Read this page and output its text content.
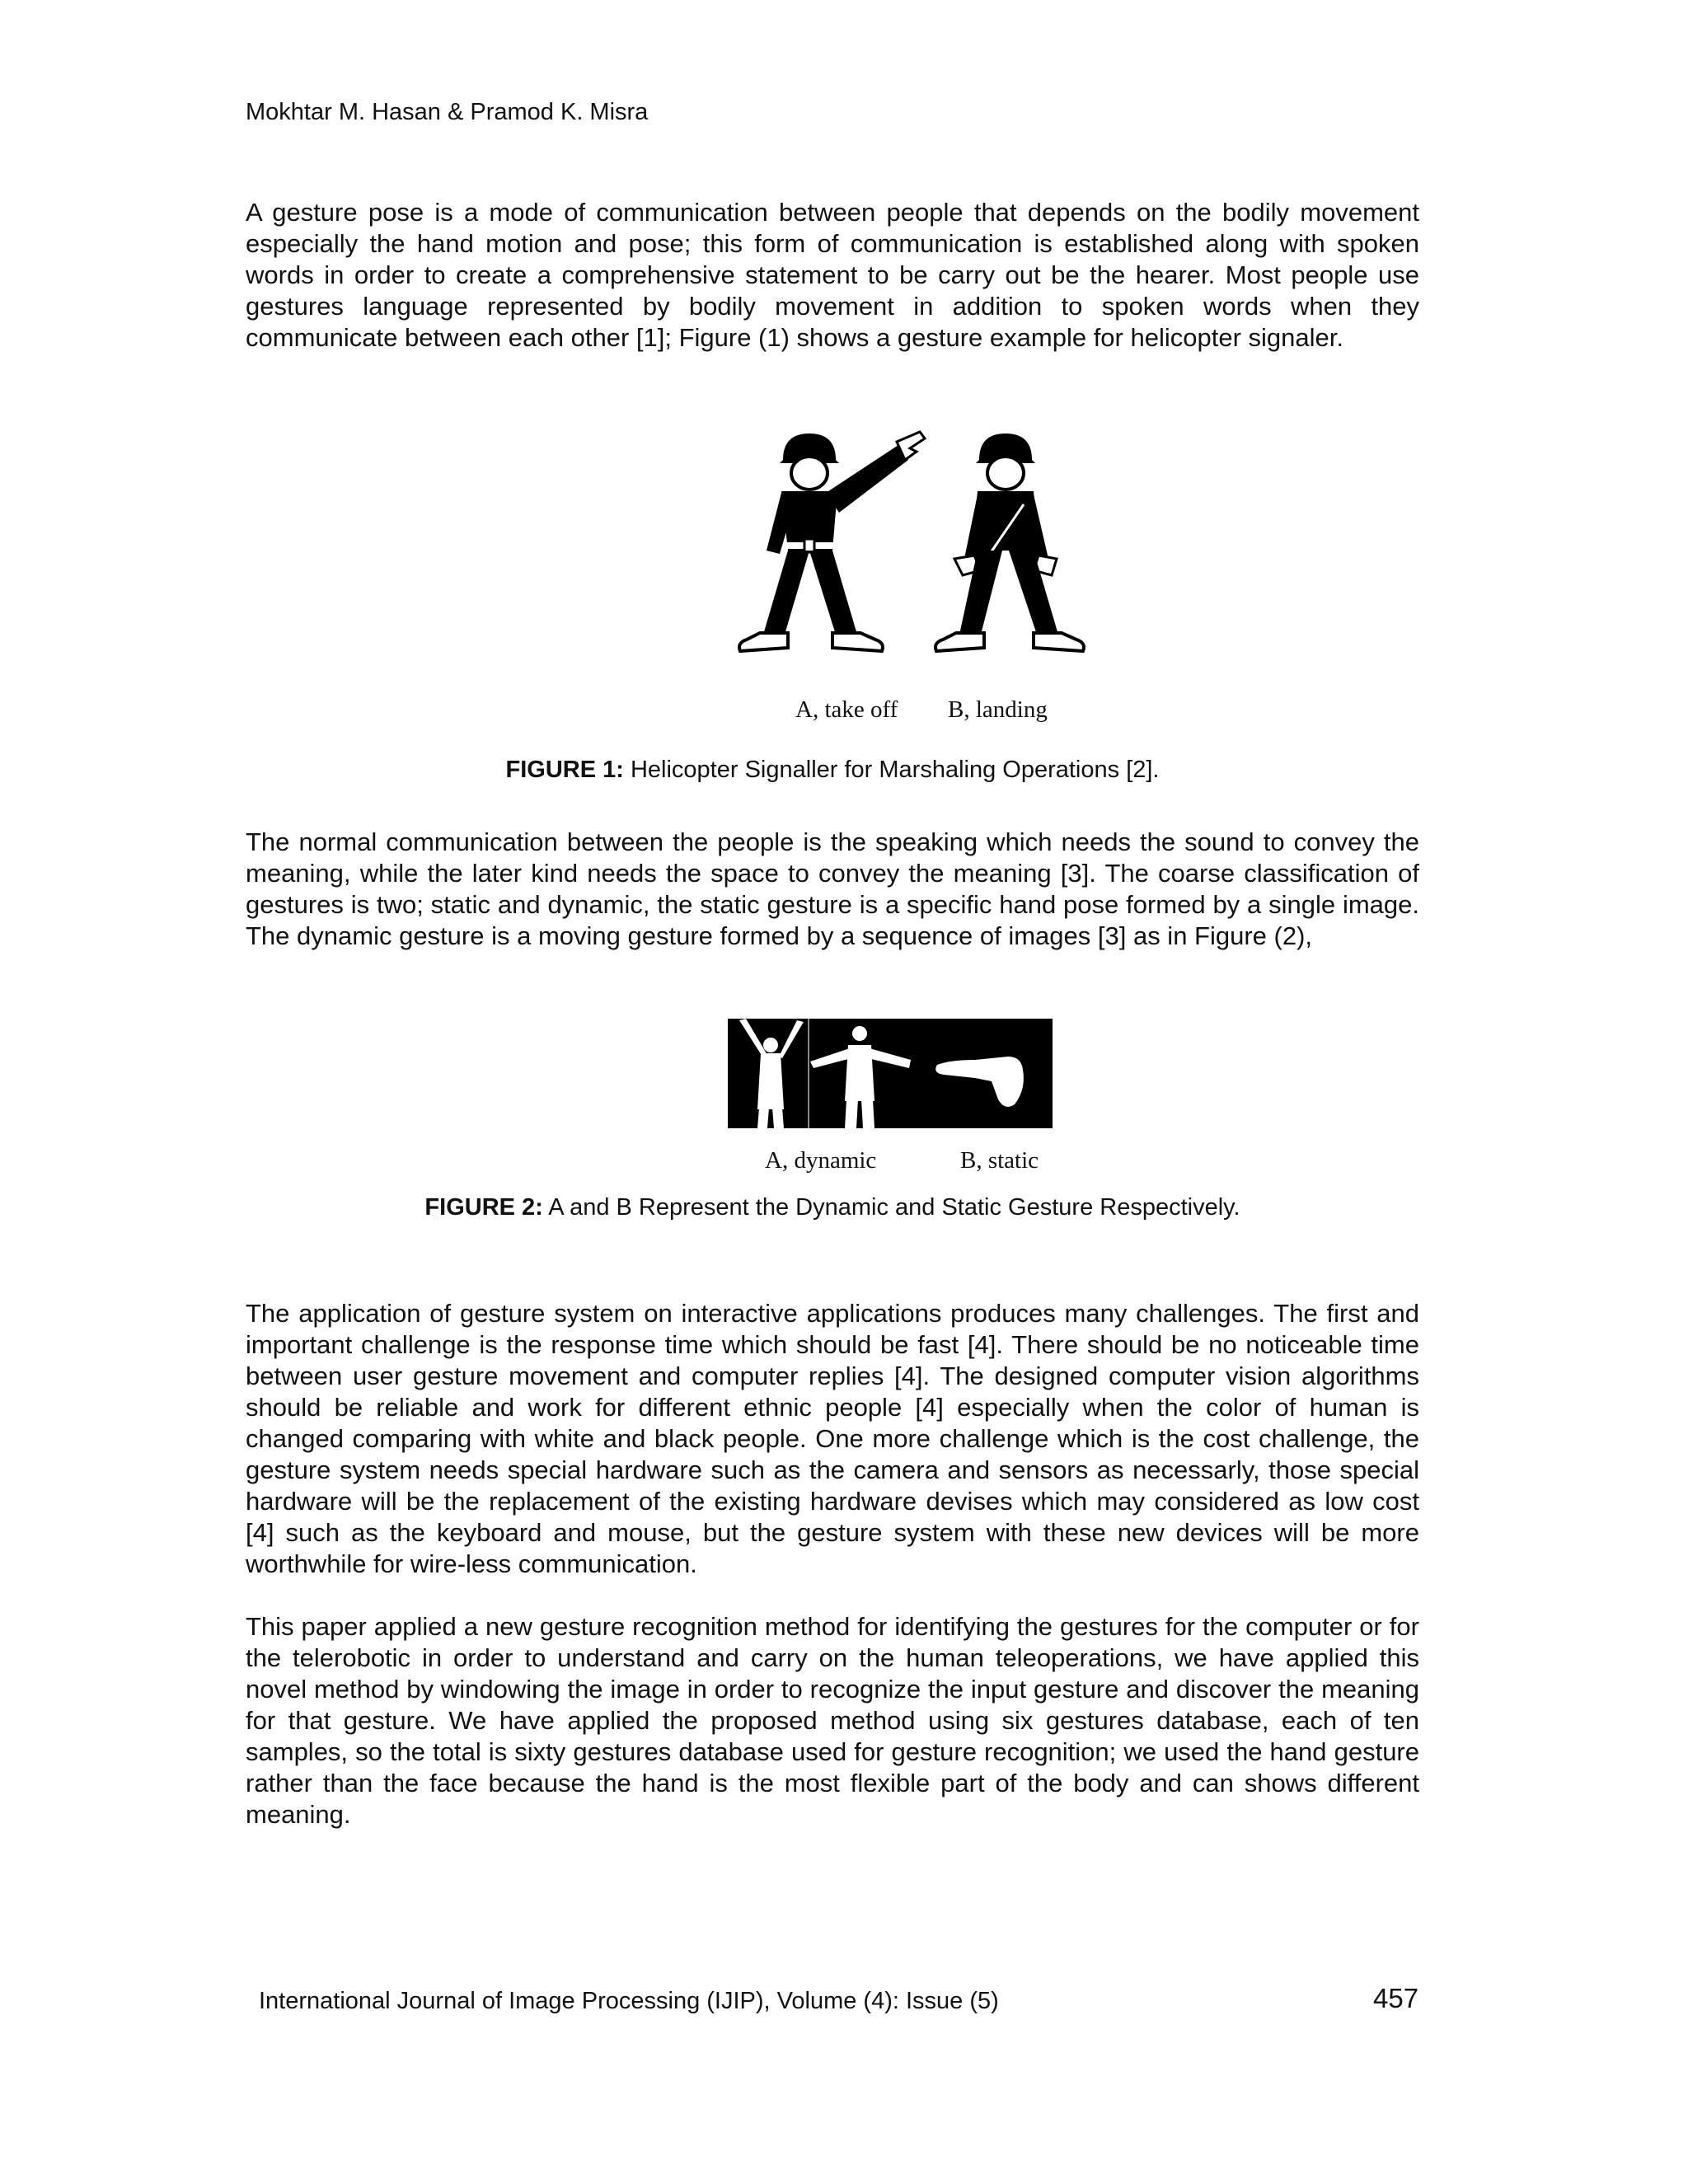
Mokhtar M. Hasan & Pramod K. Misra

A gesture pose is a mode of communication between people that depends on the bodily movement especially the hand motion and pose; this form of communication is established along with spoken words in order to create a comprehensive statement to be carry out be the hearer. Most people use gestures language represented by bodily movement in addition to spoken words when they communicate between each other [1]; Figure (1) shows a gesture example for helicopter signaler.

A, take off B, landing
FIGURE 1: Helicopter Signaller for Marshaling Operations [2].

The normal communication between the people is the speaking which needs the sound to convey the meaning, while the later kind needs the space to convey the meaning [3]. The coarse classification of gestures is two; static and dynamic, the static gesture is a specific hand pose formed by a single image. The dynamic gesture is a moving gesture formed by a sequence of images [3] as in Figure (2),

A, dynamic	B, static
FIGURE 2: A and B Represent the Dynamic and Static Gesture Respectively.

The application of gesture system on interactive applications produces many challenges. The first and important challenge is the response time which should be fast [4]. There should be no noticeable time between user gesture movement and computer replies [4]. The designed computer vision algorithms should be reliable and work for different ethnic people [4] especially when the color of human is changed comparing with white and black people. One more challenge which is the cost challenge, the gesture system needs special hardware such as the camera and sensors as necessarly, those special hardware will be the replacement of the existing hardware devises which may considered as low cost [4] such as the keyboard and mouse, but the gesture system with these new devices will be more worthwhile for wire-less communication.

This paper applied a new gesture recognition method for identifying the gestures for the computer or for the telerobotic in order to understand and carry on the human teleoperations, we have applied this novel method by windowing the image in order to recognize the input gesture and discover the meaning for that gesture. We have applied the proposed method using six gestures database, each of ten samples, so the total is sixty gestures database used for gesture recognition; we used the hand gesture rather than the face because the hand is the most flexible part of the body and can shows different meaning.

International Journal of Image Processing (IJIP), Volume (4): Issue (5)	457
